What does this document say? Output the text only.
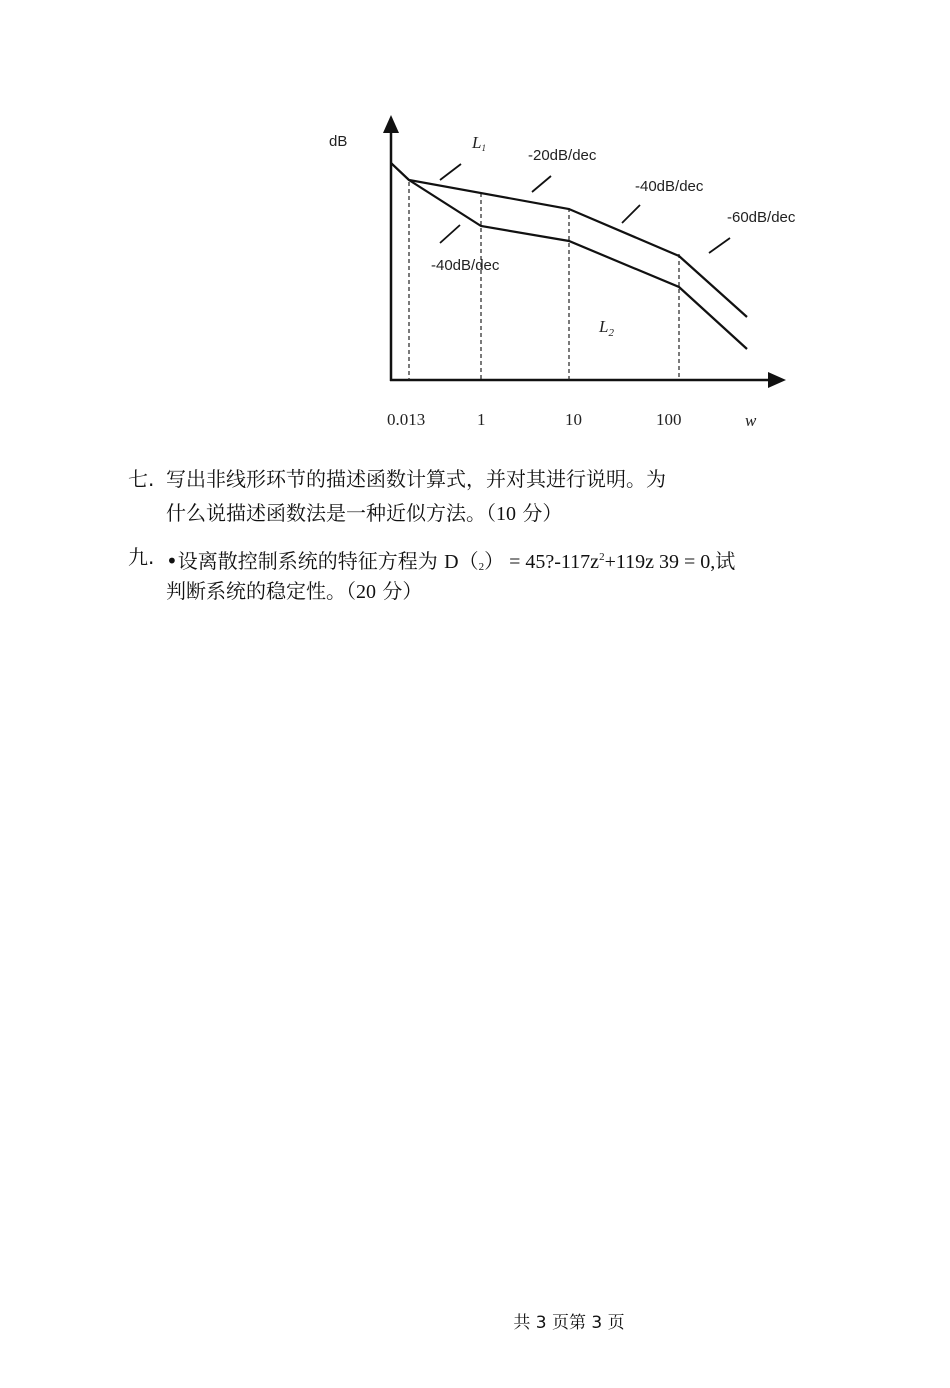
dB
w
0.013	1	10	100
L1
$L_2$
-20dB/dec
-40dB/dec
-60dB/dec
-40dB/dec
七. 写出非线形环节的描述函数计算式，并对其进行说明。为
什么说描述函数法是一种近似方法。（10 分）
九. •设离散控制系统的特征方程为 $D(2) = 45?-117z^2+119z$ 39 = 0,试
判断系统的稳定性。（20 分）
共 3 页第 3 页
